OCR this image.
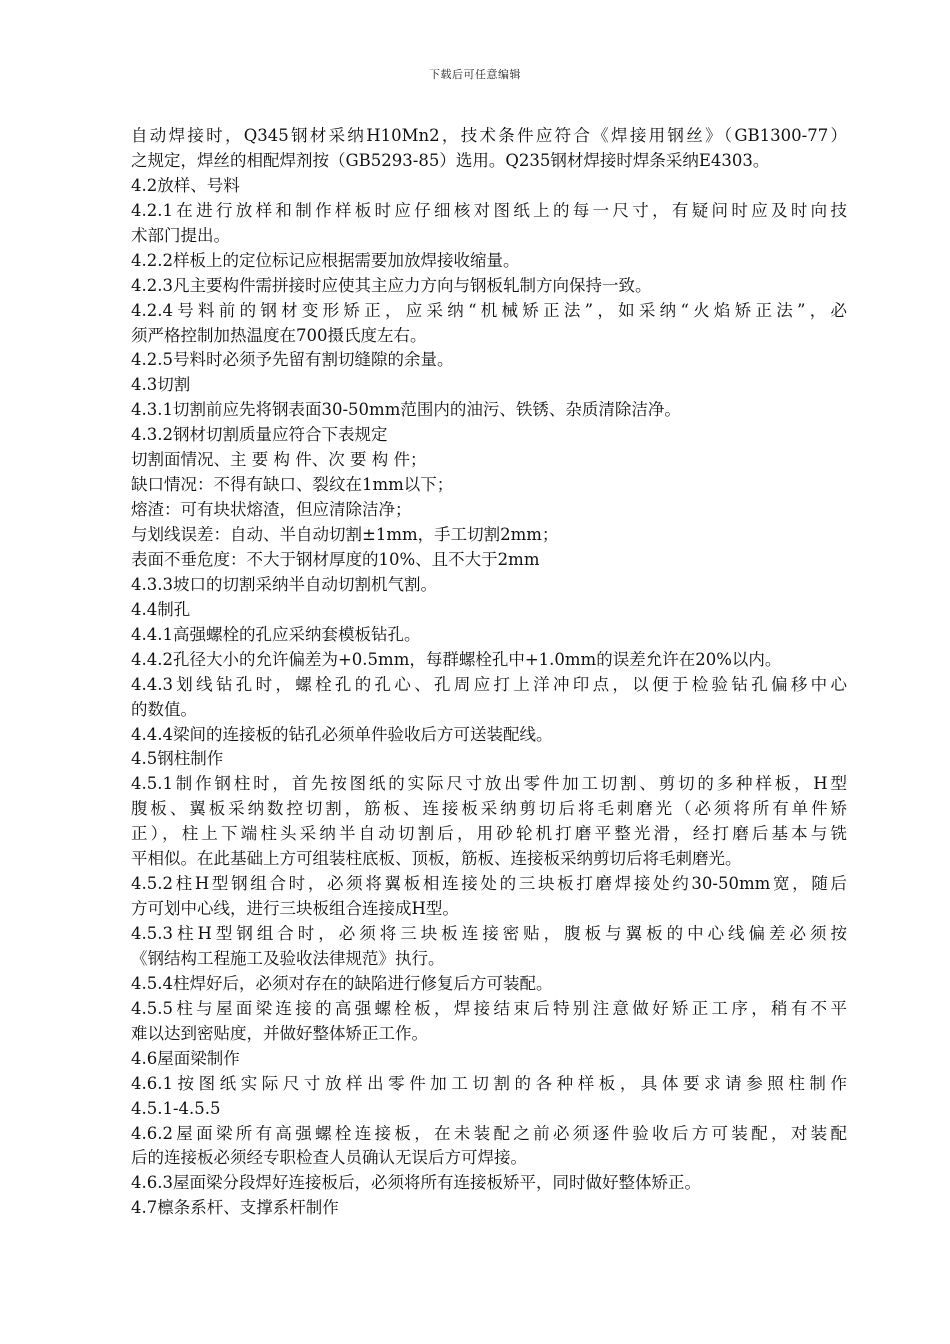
下载后可任意编辑
自动焊接时，Q345钢材采纳H10Mn2，技术条件应符合《焊接用钢丝》（GB1300-77）
之规定，焊丝的相配焊剂按（GB5293-85）选用。Q235钢材焊接时焊条采纳E4303。
4.2放样、号料
4.2.1在进行放样和制作样板时应仔细核对图纸上的每一尺寸，有疑问时应及时向技
术部门提出。
4.2.2样板上的定位标记应根据需要加放焊接收缩量。
4.2.3凡主要构件需拼接时应使其主应力方向与钢板轧制方向保持一致。
4.2.4号料前的钢材变形矫正，应采纳“机械矫正法”，如采纳“火焰矫正法”，必
须严格控制加热温度在700摄氏度左右。
4.2.5号料时必须予先留有割切缝隙的余量。
4.3切割
4.3.1切割前应先将钢表面30-50mm范围内的油污、铁锈、杂质清除洁净。
4.3.2钢材切割质量应符合下表规定
切割面情况、主 要 构 件、次 要 构 件；
缺口情况：不得有缺口、裂纹在1mm以下；
熔渣：可有块状熔渣，但应清除洁净；
与划线误差：自动、半自动切割±1mm，手工切割2mm；
表面不垂危度：不大于钢材厚度的10%、且不大于2mm
4.3.3坡口的切割采纳半自动切割机气割。
4.4制孔
4.4.1高强螺栓的孔应采纳套模板钻孔。
4.4.2孔径大小的允许偏差为+0.5mm，每群螺栓孔中+1.0mm的误差允许在20%以内。
4.4.3划线钻孔时，螺栓孔的孔心、孔周应打上洋冲印点，以便于检验钻孔偏移中心
的数值。
4.4.4梁间的连接板的钻孔必须单件验收后方可送装配线。
4.5钢柱制作
4.5.1制作钢柱时，首先按图纸的实际尺寸放出零件加工切割、剪切的多种样板，H型
腹板、翼板采纳数控切割，筋板、连接板采纳剪切后将毛刺磨光（必须将所有单件矫
正），柱上下端柱头采纳半自动切割后，用砂轮机打磨平整光滑，经打磨后基本与铣
平相似。在此基础上方可组装柱底板、顶板，筋板、连接板采纳剪切后将毛刺磨光。
4.5.2柱H型钢组合时，必须将翼板相连接处的三块板打磨焊接处约30-50mm宽，随后
方可划中心线，进行三块板组合连接成H型。
4.5.3柱H型钢组合时，必须将三块板连接密贴，腹板与翼板的中心线偏差必须按
《钢结构工程施工及验收法律规范》执行。
4.5.4柱焊好后，必须对存在的缺陷进行修复后方可装配。
4.5.5柱与屋面梁连接的高强螺栓板，焊接结束后特别注意做好矫正工序，稍有不平
难以达到密贴度，并做好整体矫正工作。
4.6屋面梁制作
4.6.1按图纸实际尺寸放样出零件加工切割的各种样板，具体要求请参照柱制作
4.5.1-4.5.5
4.6.2屋面梁所有高强螺栓连接板，在未装配之前必须逐件验收后方可装配，对装配
后的连接板必须经专职检查人员确认无误后方可焊接。
4.6.3屋面梁分段焊好连接板后，必须将所有连接板矫平，同时做好整体矫正。
4.7檩条系杆、支撑系杆制作
